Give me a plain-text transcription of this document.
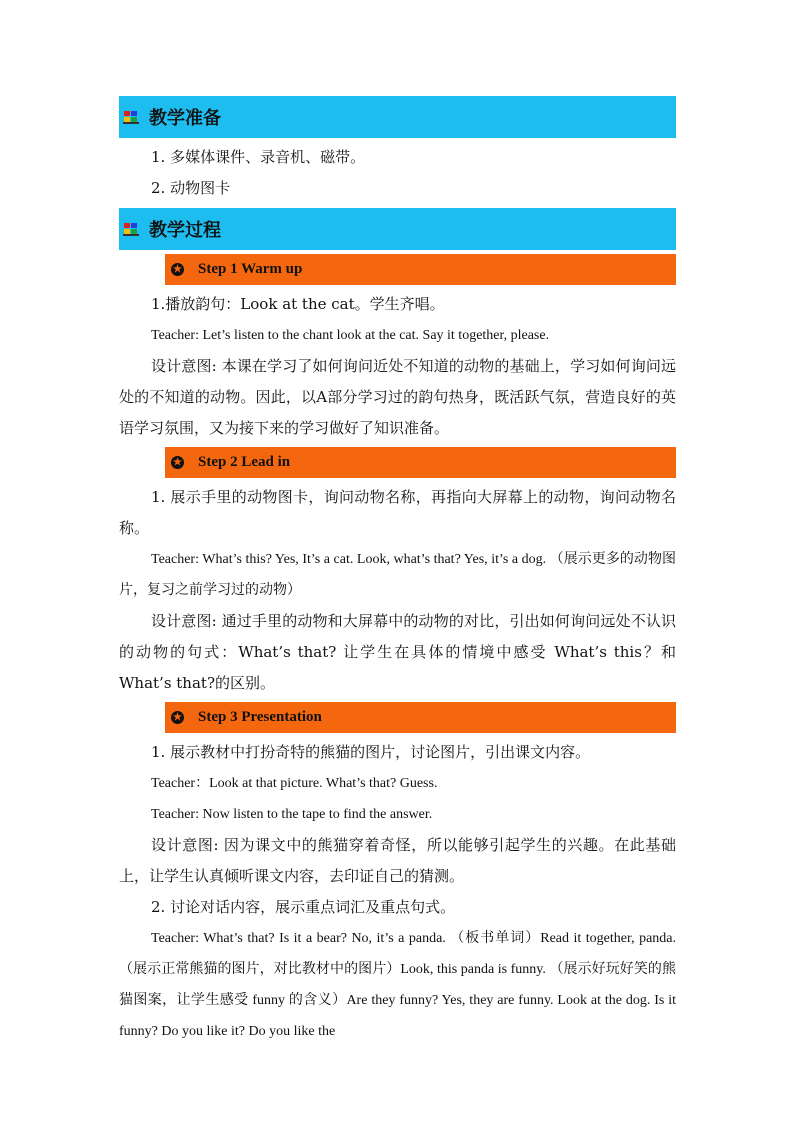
教学准备

1. 多媒体课件、录音机、磁带。

2. 动物图卡

教学过程
★ Step 1 Warm up

1.播放韵句：Look at the cat。学生齐唱。

Teacher: Let’s listen to the chant look at the cat. Say it together, please.

设计意图: 本课在学习了如何询问近处不知道的动物的基础上，学习如何询问远处的不知道的动物。因此，以A部分学习过的韵句热身，既活跃气氛，营造良好的英语学习氛围，又为接下来的学习做好了知识准备。

★ Step 2 Lead in

1. 展示手里的动物图卡，询问动物名称，再指向大屏幕上的动物，询问动物名称。

Teacher: What’s this? Yes, It’s a cat. Look, what’s that? Yes, it’s a dog. （展示更多的动物图片，复习之前学习过的动物）

设计意图: 通过手里的动物和大屏幕中的动物的对比，引出如何询问远处不认识的动物的句式：What’s that? 让学生在具体的情境中感受 What’s this？和 What’s that?的区别。

★ Step 3 Presentation

1. 展示教材中打扮奇特的熊猫的图片，讨论图片，引出课文内容。

Teacher：Look at that picture. What’s that? Guess.

Teacher: Now listen to the tape to find the answer.

设计意图: 因为课文中的熊猫穿着奇怪，所以能够引起学生的兴趣。在此基础上，让学生认真倾听课文内容，去印证自己的猜测。

2. 讨论对话内容，展示重点词汇及重点句式。

Teacher: What’s that? Is it a bear? No, it’s a panda. （板书单词）Read it together, panda. （展示正常熊猫的图片，对比教材中的图片）Look, this panda is funny. （展示好玩好笑的熊猫图案，让学生感受 funny 的含义）Are they funny? Yes, they are funny. Look at the dog. Is it funny? Do you like it? Do you like the
